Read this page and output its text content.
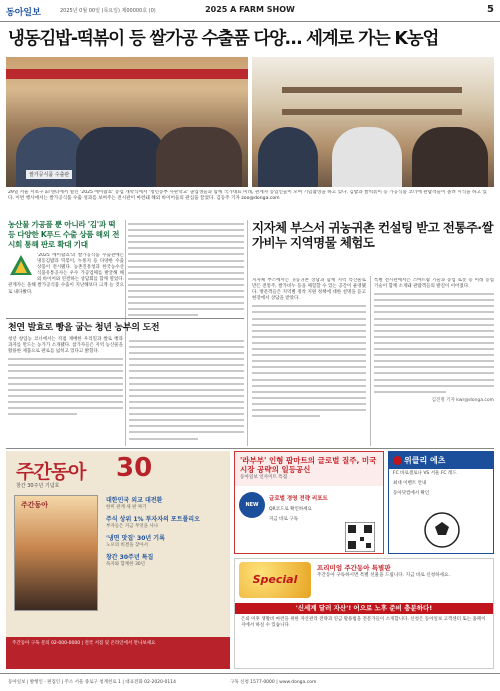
동아일보	2025년 0월 00일 (목요일) 제00000호 (0)	2025 A FARM SHOW	5
냉동김밥-떡볶이 등 쌀가공 수출품 다양… 세계로 가는 K농업
쌀가공식품 수출관
29일 서울 서초구 aT센터에서 열린 '2025 에이팜쇼' 농업 개막식에서 '청년농부 사관학교' 졸업생들과 함께 국가대표 미래, 관계자 농업인들이 모여 기념촬영을 하고 있다. 김밥과 쌀떡볶이 등 가공식품 코너에 관람객들이 몰려 시식을 하고 있다. 이번 행사에서는 쌀가공식품 수출 성과를 보여주는 전시관이 마련돼 해외 바이어들의 관심을 끌었다. 김동주 기자 zoo@donga.com
농산물 가공품 뿐 아니라 '김'과 떡 등 다양한 K푸드 수출 상품 해외 전시회 통해 판로 확대 기대
'2025 에이팜쇼'의 쌀가공식품 수출관에는 냉동김밥과 떡볶이, 누룽지 등 다양한 수출 상품이 전시됐다. 농촌진흥청과 한국농수산식품유통공사는 우수 가공업체를 발굴해 해외 바이어와 연결하는 상담회를 함께 열었다. 관계자는 올해 쌀가공식품 수출이 지난해보다 크게 늘 것으로 내다봤다.
천연 발효로 빵을 굽는 청년 농부의 도전
청년 창업농 코너에서는 직접 재배한 우리밀과 쌀로 빵과 과자를 만드는 농가가 소개됐다. 참가자들은 지역 농산물을 활용한 제품으로 판로를 넓히고 있다고 밝혔다.
지자체 부스서 귀농귀촌 컨설팅 받고 전통주·쌀가비누 지역명물 체험도
지자체 부스에서는 귀농귀촌 상담과 함께 지역 특산물로 만든 전통주, 쌀가비누 등을 체험할 수 있는 공간이 운영됐다. 방문객들은 지역별 정착 지원 정책에 대한 설명을 듣고 현장에서 상담을 받았다.
특별 전시관에서는 스마트팜 기술과 농업 로봇 등 미래 농업 기술이 함께 소개돼 관람객들의 발길이 이어졌다.
김진명 기자 kwr@donga.com
주간동아 30
창간 30주년 기념호
주간동아
대한민국 외교 대전환
한미 관계 새 판 짜기
주식 상위 1% 투자자의 포트폴리오
부자들은 지금 무엇을 사나
'냉면 맛집' 30년 기록
노포의 비결을 찾아서
창간 30주년 특집
독자와 함께한 30년
주간동아 구독 문의 02-000-0000 | 전국 서점 및 온라인에서 만나보세요
'라부부' 인형 팝마트의 글로벌 질주, 미국시장 공략의 일등공신
동아일보 인사이트 특집
NEW
글로벌 경영 전략 리포트
QR코드로 확인하세요
지금 바로 구독
위클리 에츠
FC 바로셀로나 VS 서울 FC 레드
최대 이벤트 안내
동아닷컴에서 확인
Special
프리미엄 주간동아 특별판
주간동아 구독하시면 특별 선물을 드립니다. 지금 바로 신청하세요.
'신세계 달러 자산'! 어으로 노후 준비 충분하다!
은퇴 이후 생활비 마련을 위한 자산관리 전략과 연금 활용법을 전문가들이 소개합니다. 신청은 동아일보 고객센터 또는 홈페이지에서 하실 수 있습니다.
동아일보 | 발행인 · 편집인 | 주소 서울 종로구 청계천로 1 | 대표전화 02-2020-0114	구독 신청 1577-0000 | www.donga.com
